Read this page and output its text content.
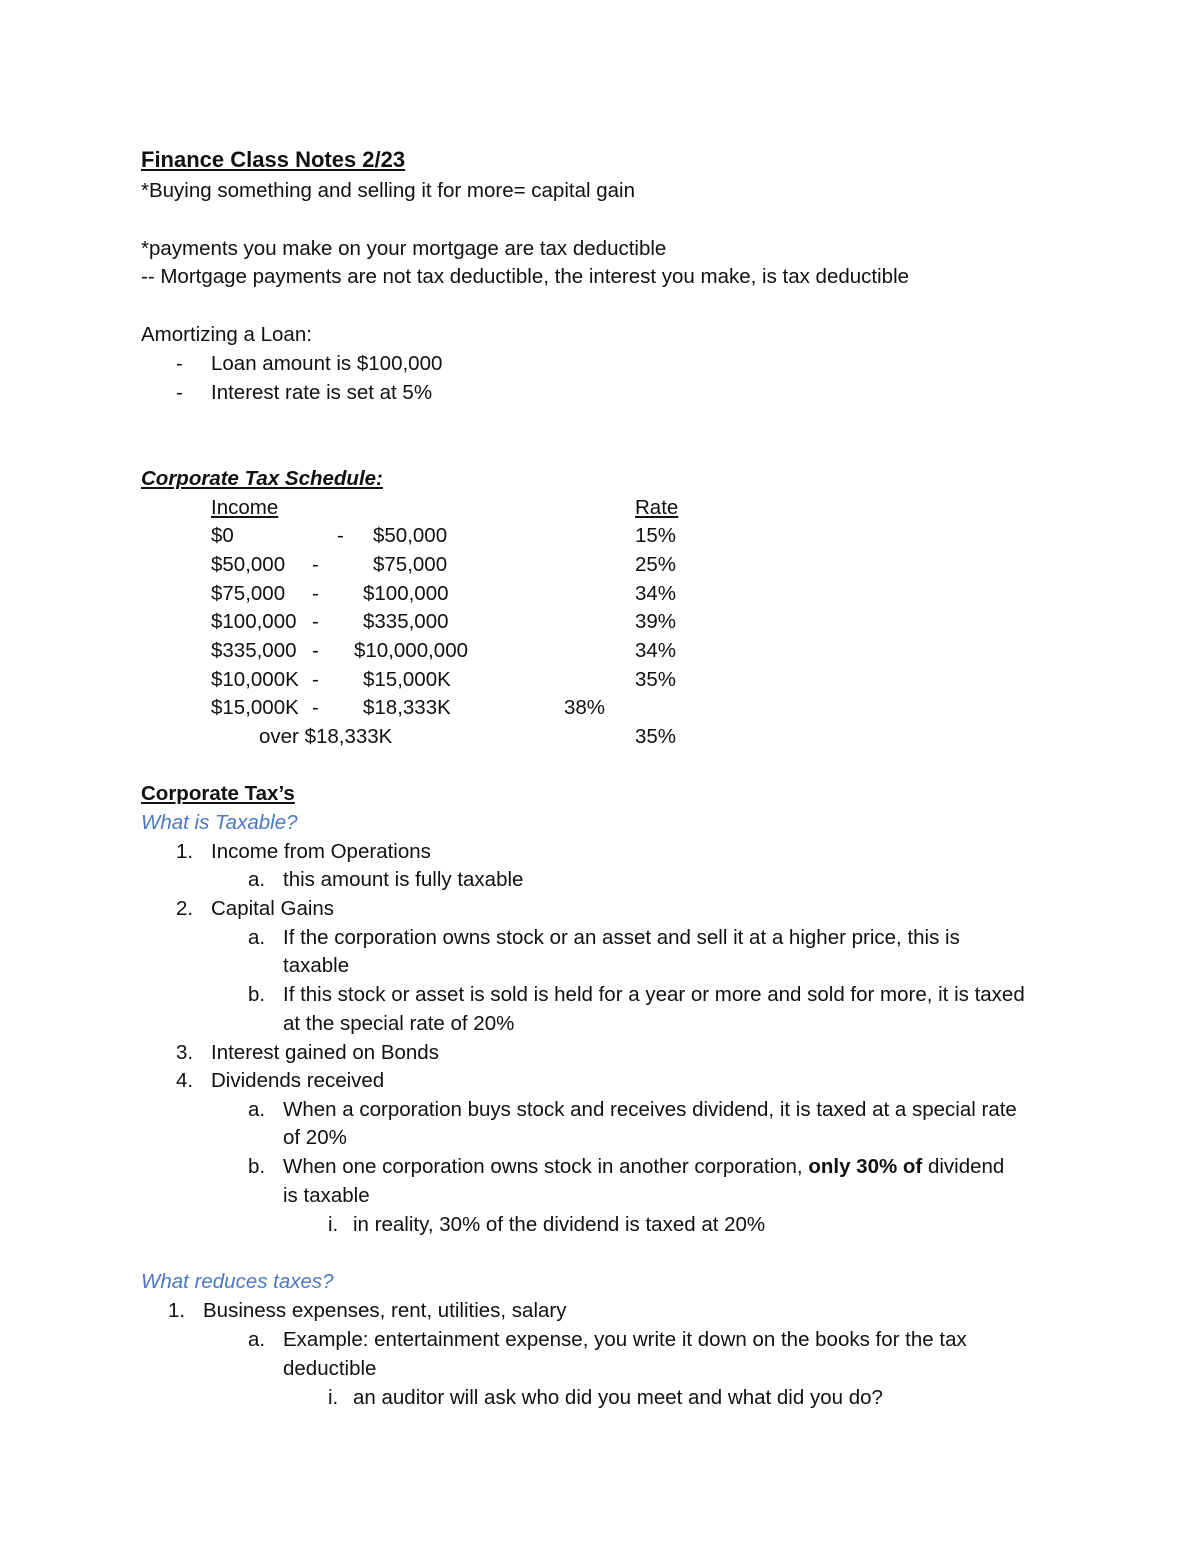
Finance Class Notes 2/23
*Buying something and selling it for more= capital gain
*payments you make on your mortgage are tax deductible
-- Mortgage payments are not tax deductible, the interest you make, is tax deductible
Amortizing a Loan:
- Loan amount is $100,000
- Interest rate is set at 5%
Corporate Tax Schedule:
Income	Rate
$0	- $50,000	15%
$50,000 -	$75,000	25%
$75,000 - $100,000	34%
$100,000 - $335,000	39%
$335,000 - $10,000,000	34%
$10,000K - $15,000K	35%
$15,000K - $18,333K	38%
over $18,333K	35%
Corporate Tax’s
What is Taxable?
1. Income from Operations
a. this amount is fully taxable
2. Capital Gains
a. If the corporation owns stock or an asset and sell it at a higher price, this is
taxable
b. If this stock or asset is sold is held for a year or more and sold for more, it is taxed
at the special rate of 20%
3. Interest gained on Bonds
4. Dividends received
a. When a corporation buys stock and receives dividend, it is taxed at a special rate
of 20%
b. When one corporation owns stock in another corporation, only 30% of dividend
is taxable
i. in reality, 30% of the dividend is taxed at 20%
What reduces taxes?
1. Business expenses, rent, utilities, salary
a. Example: entertainment expense, you write it down on the books for the tax
deductible
i. an auditor will ask who did you meet and what did you do?
